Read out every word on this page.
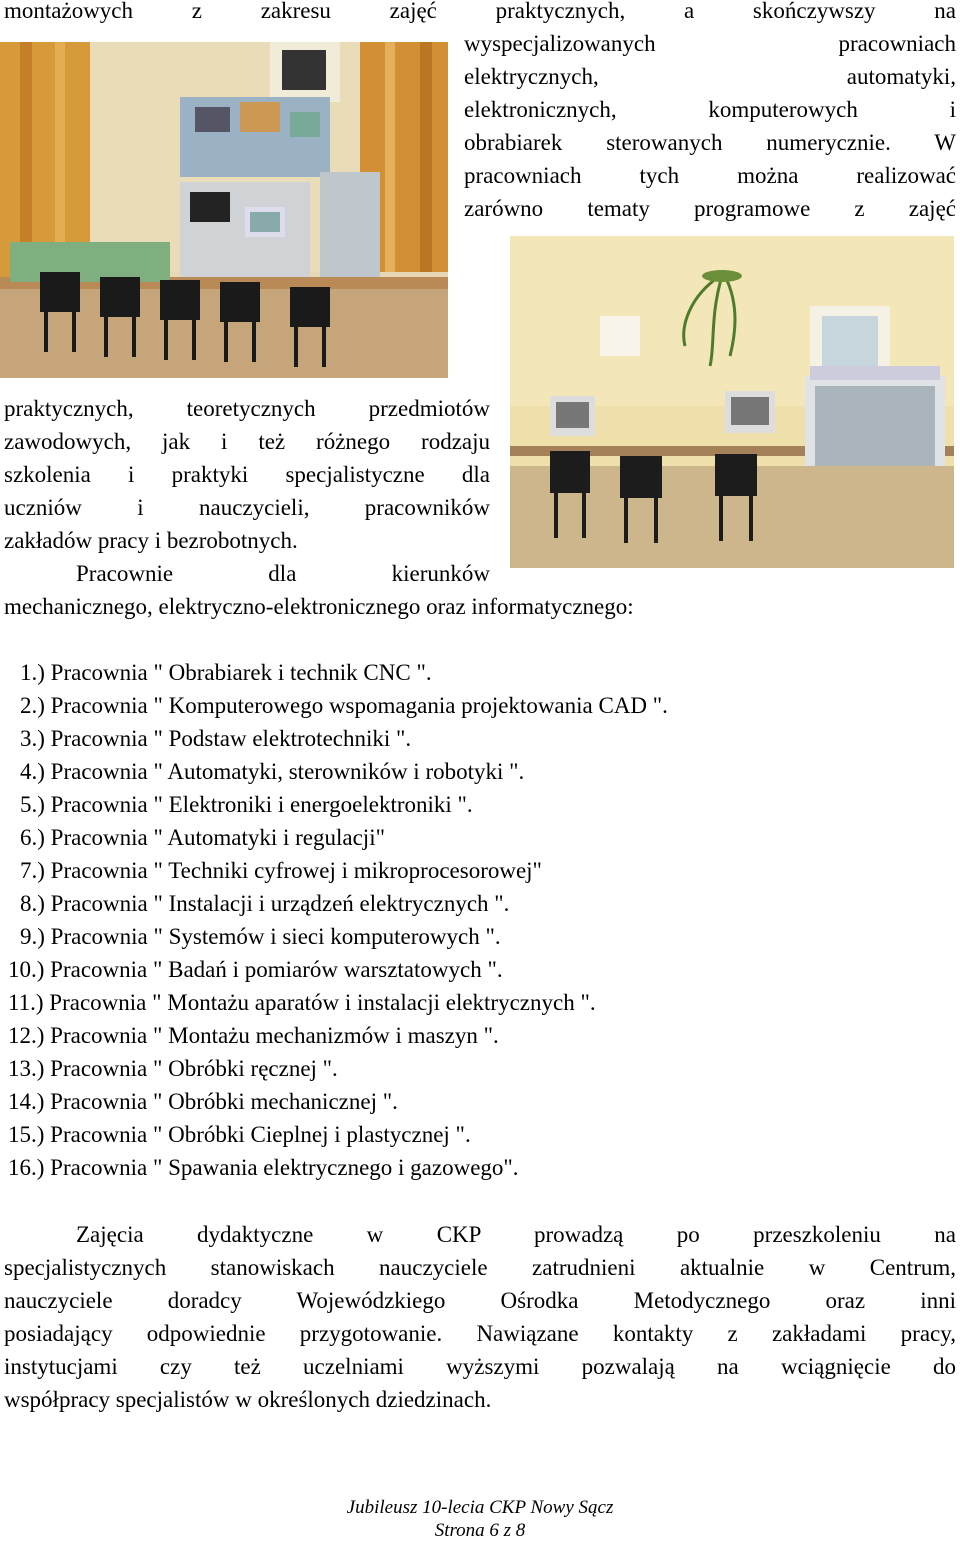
montażowych z zakresu zajęć praktycznych, a skończywszy na
wyspecjalizowanych pracowniach
elektrycznych, automatyki,
elektronicznych, komputerowych i
obrabiarek sterowanych numerycznie. W
pracowniach tych można realizować
zarówno tematy programowe z zajęć
praktycznych, teoretycznych przedmiotów
zawodowych, jak i też różnego rodzaju
szkolenia i praktyki specjalistyczne dla
uczniów i nauczycieli, pracowników
zakładów pracy i bezrobotnych.
Pracownie dla kierunków
mechanicznego, elektryczno-elektronicznego oraz informatycznego:
1.) Pracownia " Obrabiarek i technik CNC ".
2.) Pracownia " Komputerowego wspomagania projektowania CAD ".
3.) Pracownia " Podstaw elektrotechniki ".
4.) Pracownia " Automatyki, sterowników i robotyki ".
5.) Pracownia " Elektroniki i energoelektroniki ".
6.) Pracownia " Automatyki i regulacji"
7.) Pracownia " Techniki cyfrowej i mikroprocesorowej"
8.) Pracownia " Instalacji i urządzeń elektrycznych ".
9.) Pracownia " Systemów i sieci komputerowych ".
10.) Pracownia " Badań i pomiarów warsztatowych ".
11.) Pracownia " Montażu aparatów i instalacji elektrycznych ".
12.) Pracownia " Montażu mechanizmów i maszyn ".
13.) Pracownia " Obróbki ręcznej ".
14.) Pracownia " Obróbki mechanicznej ".
15.) Pracownia " Obróbki Cieplnej i plastycznej ".
16.) Pracownia " Spawania elektrycznego i gazowego".
Zajęcia dydaktyczne w CKP prowadzą po przeszkoleniu na
specjalistycznych stanowiskach nauczyciele zatrudnieni aktualnie w Centrum,
nauczyciele doradcy Wojewódzkiego Ośrodka Metodycznego oraz inni
posiadający odpowiednie przygotowanie. Nawiązane kontakty z zakładami pracy,
instytucjami czy też uczelniami wyższymi pozwalają na wciągnięcie do
współpracy specjalistów w określonych dziedzinach.
Jubileusz 10-lecia CKP Nowy Sącz
Strona 6 z 8
